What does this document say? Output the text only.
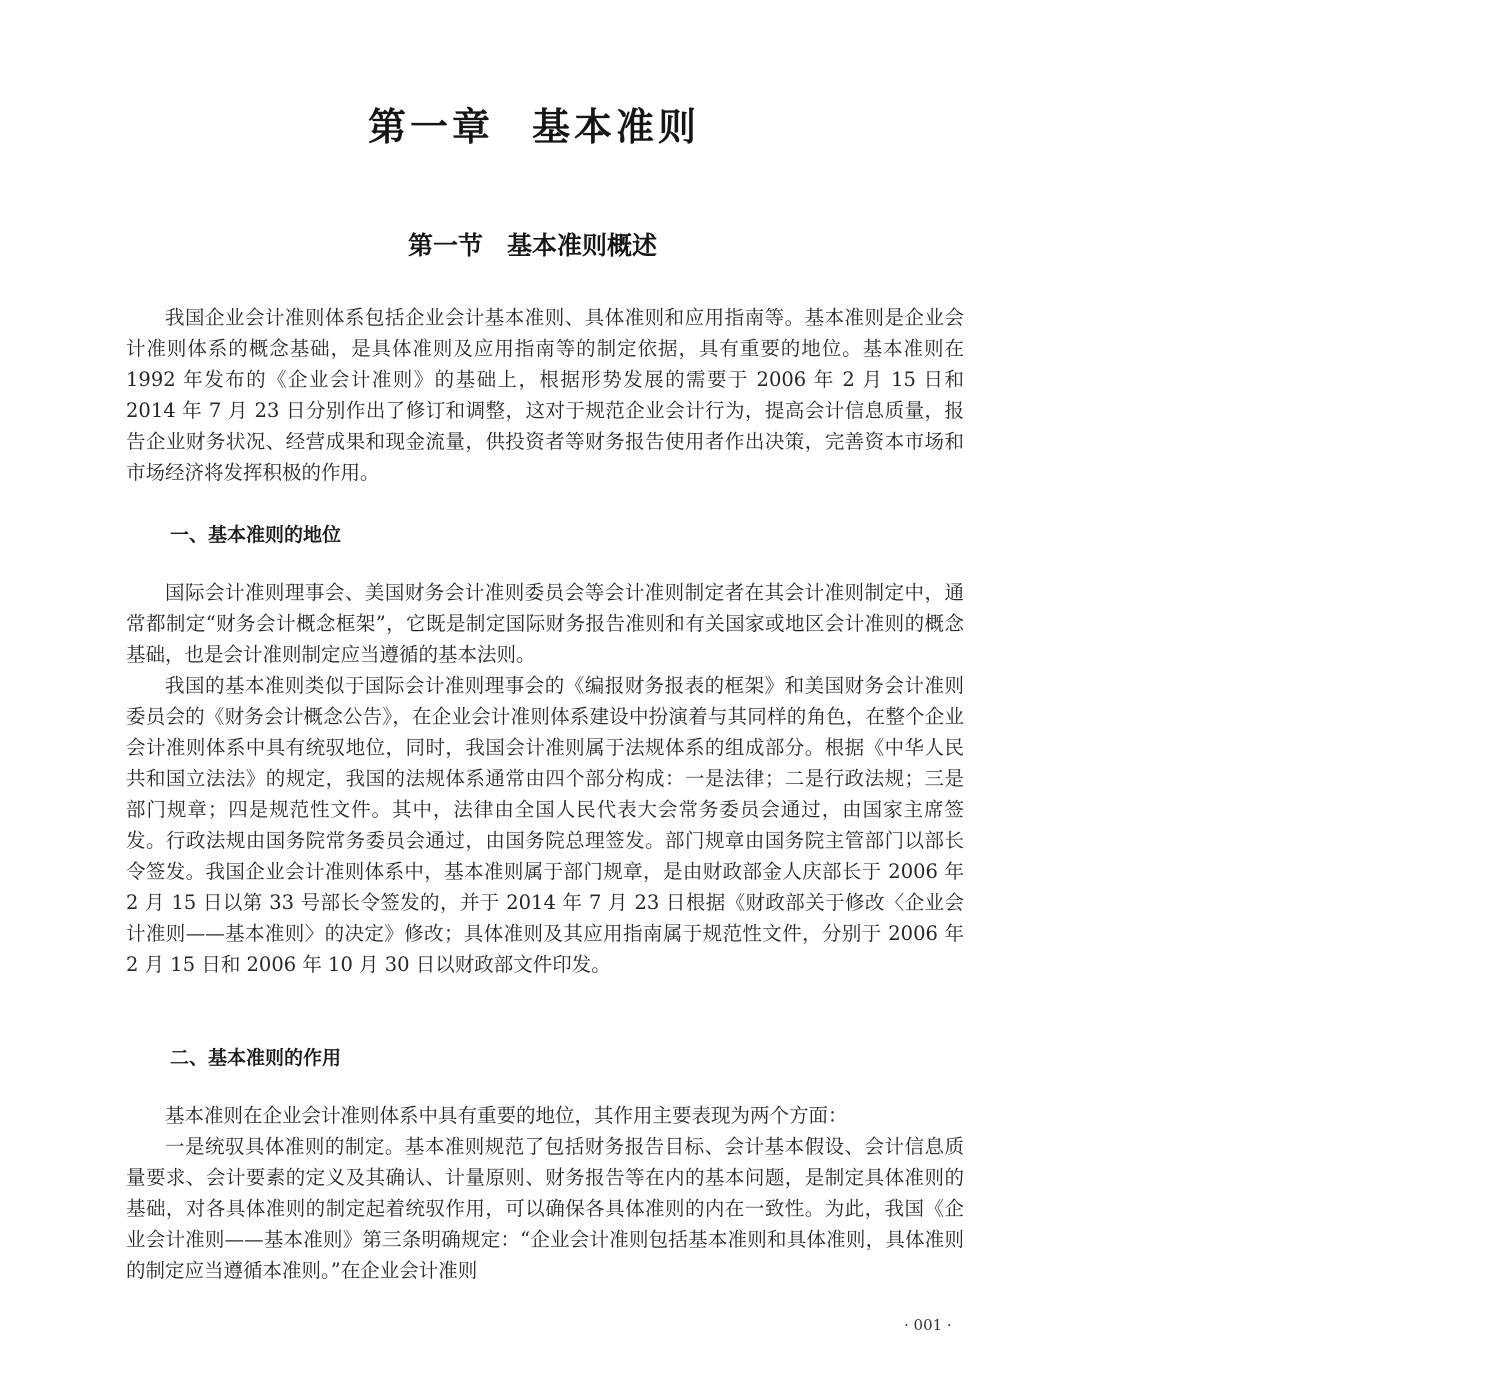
第一章 基本准则
第一节 基本准则概述

我国企业会计准则体系包括企业会计基本准则、具体准则和应用指南等。基本准则是企业会计准则体系的概念基础，是具体准则及应用指南等的制定依据，具有重要的地位。基本准则在 1992 年发布的《企业会计准则》的基础上，根据形势发展的需要于 2006 年 2 月 15 日和 2014 年 7 月 23 日分别作出了修订和调整，这对于规范企业会计行为，提高会计信息质量，报告企业财务状况、经营成果和现金流量，供投资者等财务报告使用者作出决策，完善资本市场和市场经济将发挥积极的作用。

一、基本准则的地位

国际会计准则理事会、美国财务会计准则委员会等会计准则制定者在其会计准则制定中，通常都制定“财务会计概念框架”，它既是制定国际财务报告准则和有关国家或地区会计准则的概念基础，也是会计准则制定应当遵循的基本法则。

我国的基本准则类似于国际会计准则理事会的《编报财务报表的框架》和美国财务会计准则委员会的《财务会计概念公告》，在企业会计准则体系建设中扮演着与其同样的角色，在整个企业会计准则体系中具有统驭地位，同时，我国会计准则属于法规体系的组成部分。根据《中华人民共和国立法法》的规定，我国的法规体系通常由四个部分构成：一是法律；二是行政法规；三是部门规章；四是规范性文件。其中，法律由全国人民代表大会常务委员会通过，由国家主席签发。行政法规由国务院常务委员会通过，由国务院总理签发。部门规章由国务院主管部门以部长令签发。我国企业会计准则体系中，基本准则属于部门规章，是由财政部金人庆部长于 2006 年 2 月 15 日以第 33 号部长令签发的，并于 2014 年 7 月 23 日根据《财政部关于修改〈企业会计准则——基本准则〉的决定》修改；具体准则及其应用指南属于规范性文件，分别于 2006 年 2 月 15 日和 2006 年 10 月 30 日以财政部文件印发。

二、基本准则的作用

基本准则在企业会计准则体系中具有重要的地位，其作用主要表现为两个方面：

一是统驭具体准则的制定。基本准则规范了包括财务报告目标、会计基本假设、会计信息质量要求、会计要素的定义及其确认、计量原则、财务报告等在内的基本问题，是制定具体准则的基础，对各具体准则的制定起着统驭作用，可以确保各具体准则的内在一致性。为此，我国《企业会计准则——基本准则》第三条明确规定：“企业会计准则包括基本准则和具体准则，具体准则的制定应当遵循本准则。”在企业会计准则

· 001 ·
